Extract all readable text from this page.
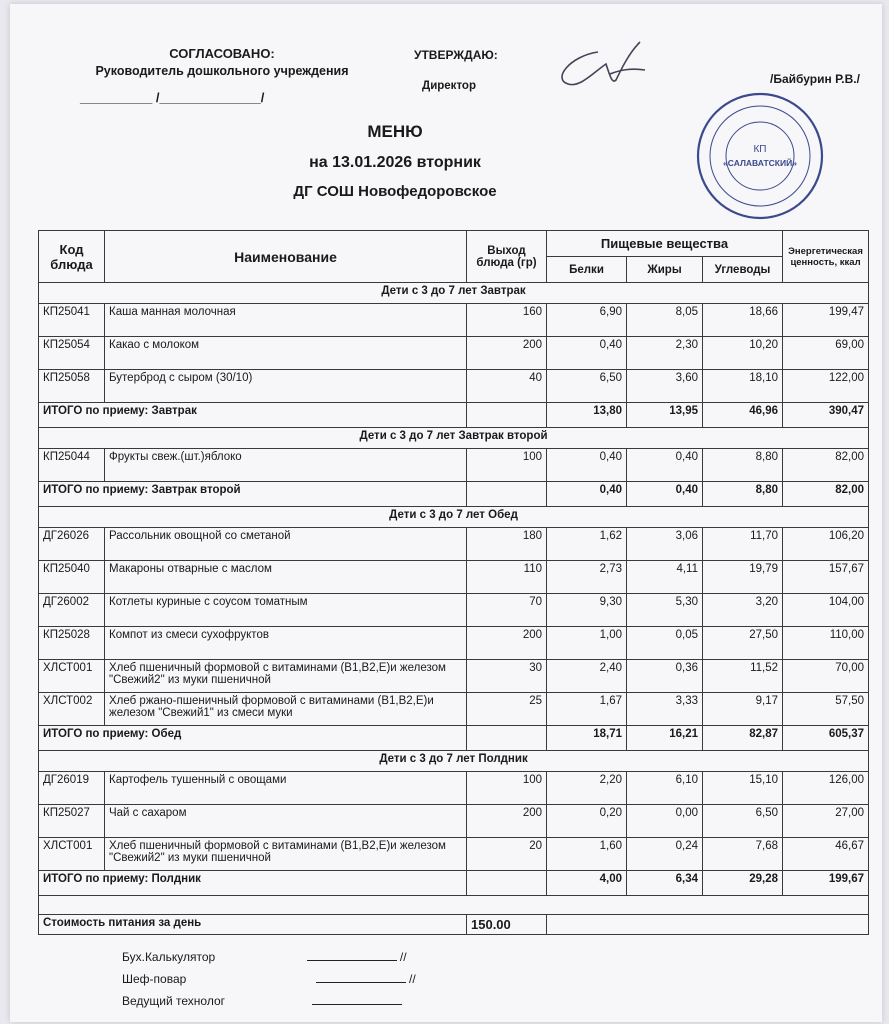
СОГЛАСОВАНО:
Руководитель дошкольного учреждения
__________ /______________/
УТВЕРЖДАЮ:
Директор	/Байбурин Р.В./
КП
«САЛАВАТСКИЙ»
МЕНЮ
на 13.01.2026 вторник
ДГ СОШ Новофедоровское
Код блюда	Наименование	Выход блюда (гр)	Пищевые вещества			Энергетическая ценность, ккал
			Белки	Жиры	Углеводы	
Дети с 3 до 7 лет Завтрак						
КП25041	Каша манная молочная	160	6,90	8,05	18,66	199,47
КП25054	Какао с молоком	200	0,40	2,30	10,20	69,00
КП25058	Бутерброд с сыром (30/10)	40	6,50	3,60	18,10	122,00
ИТОГО по приему: Завтрак			13,80	13,95	46,96	390,47
Дети с 3 до 7 лет Завтрак второй						
КП25044	Фрукты свеж.(шт.)яблоко	100	0,40	0,40	8,80	82,00
ИТОГО по приему: Завтрак второй			0,40	0,40	8,80	82,00
Дети с 3 до 7 лет Обед						
ДГ26026	Рассольник овощной со сметаной	180	1,62	3,06	11,70	106,20
КП25040	Макароны отварные с маслом	110	2,73	4,11	19,79	157,67
ДГ26002	Котлеты куриные с соусом томатным	70	9,30	5,30	3,20	104,00
КП25028	Компот из смеси сухофруктов	200	1,00	0,05	27,50	110,00
ХЛСТ001	Хлеб пшеничный формовой с витаминами (В1,В2,Е)и железом "Свежий2" из муки пшеничной	30	2,40	0,36	11,52	70,00
ХЛСТ002	Хлеб ржано-пшеничный формовой с витаминами (В1,В2,Е)и железом "Свежий1" из смеси муки	25	1,67	3,33	9,17	57,50
ИТОГО по приему: Обед			18,71	16,21	82,87	605,37
Дети с 3 до 7 лет Полдник						
ДГ26019	Картофель тушенный с овощами	100	2,20	6,10	15,10	126,00
КП25027	Чай с сахаром	200	0,20	0,00	6,50	27,00
ХЛСТ001	Хлеб пшеничный формовой с витаминами (В1,В2,Е)и железом "Свежий2" из муки пшеничной	20	1,60	0,24	7,68	46,67
ИТОГО по приему: Полдник			4,00	6,34	29,28	199,67

Стоимость питания за день		150.00				
Бух.Калькулятор	//
Шеф-повар	//
Ведущий технолог
